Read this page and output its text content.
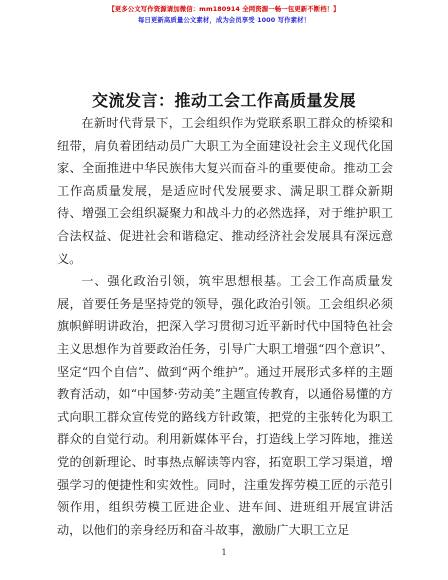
【更多公文写作资源请加微信：mm180914 全网资源一畅一包更新不断档！】
每日更新高质量公文素材，成为会员享受 1000 写作素材！
交流发言：推动工会工作高质量发展

在新时代背景下，工会组织作为党联系职工群众的桥梁和纽带，肩负着团结动员广大职工为全面建设社会主义现代化国家、全面推进中华民族伟大复兴而奋斗的重要使命。推动工会工作高质量发展，是适应时代发展要求、满足职工群众新期待、增强工会组织凝聚力和战斗力的必然选择，对于维护职工合法权益、促进社会和谐稳定、推动经济社会发展具有深远意义。

一、强化政治引领，筑牢思想根基。工会工作高质量发展，首要任务是坚持党的领导，强化政治引领。工会组织必须旗帜鲜明讲政治，把深入学习贯彻习近平新时代中国特色社会主义思想作为首要政治任务，引导广大职工增强“四个意识”、坚定“四个自信”、做到“两个维护”。通过开展形式多样的主题教育活动，如“中国梦·劳动美”主题宣传教育，以通俗易懂的方式向职工群众宣传党的路线方针政策，把党的主张转化为职工群众的自觉行动。利用新媒体平台，打造线上学习阵地，推送党的创新理论、时事热点解读等内容，拓宽职工学习渠道，增强学习的便捷性和实效性。同时，注重发挥劳模工匠的示范引领作用，组织劳模工匠进企业、进车间、进班组开展宣讲活动，以他们的亲身经历和奋斗故事，激励广大职工立足

1
